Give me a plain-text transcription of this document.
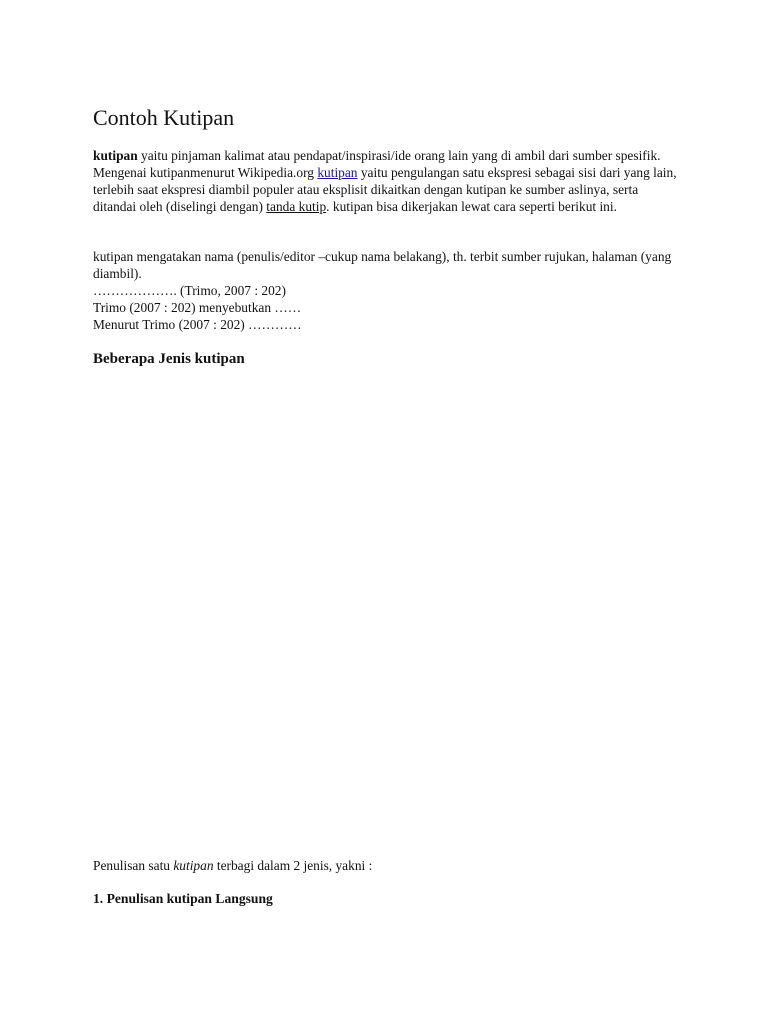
Contoh Kutipan

kutipan yaitu pinjaman kalimat atau pendapat/inspirasi/ide orang lain yang di ambil dari sumber spesifik. Mengenai kutipanmenurut Wikipedia.org kutipan yaitu pengulangan satu ekspresi sebagai sisi dari yang lain, terlebih saat ekspresi diambil populer atau eksplisit dikaitkan dengan kutipan ke sumber aslinya, serta ditandai oleh (diselingi dengan) tanda kutip. kutipan bisa dikerjakan lewat cara seperti berikut ini.

kutipan mengatakan nama (penulis/editor –cukup nama belakang), th. terbit sumber rujukan, halaman (yang diambil).
………………. (Trimo, 2007 : 202)
Trimo (2007 : 202) menyebutkan ……
Menurut Trimo (2007 : 202) …………

Beberapa Jenis kutipan

Penulisan satu kutipan terbagi dalam 2 jenis, yakni :

1. Penulisan kutipan Langsung
